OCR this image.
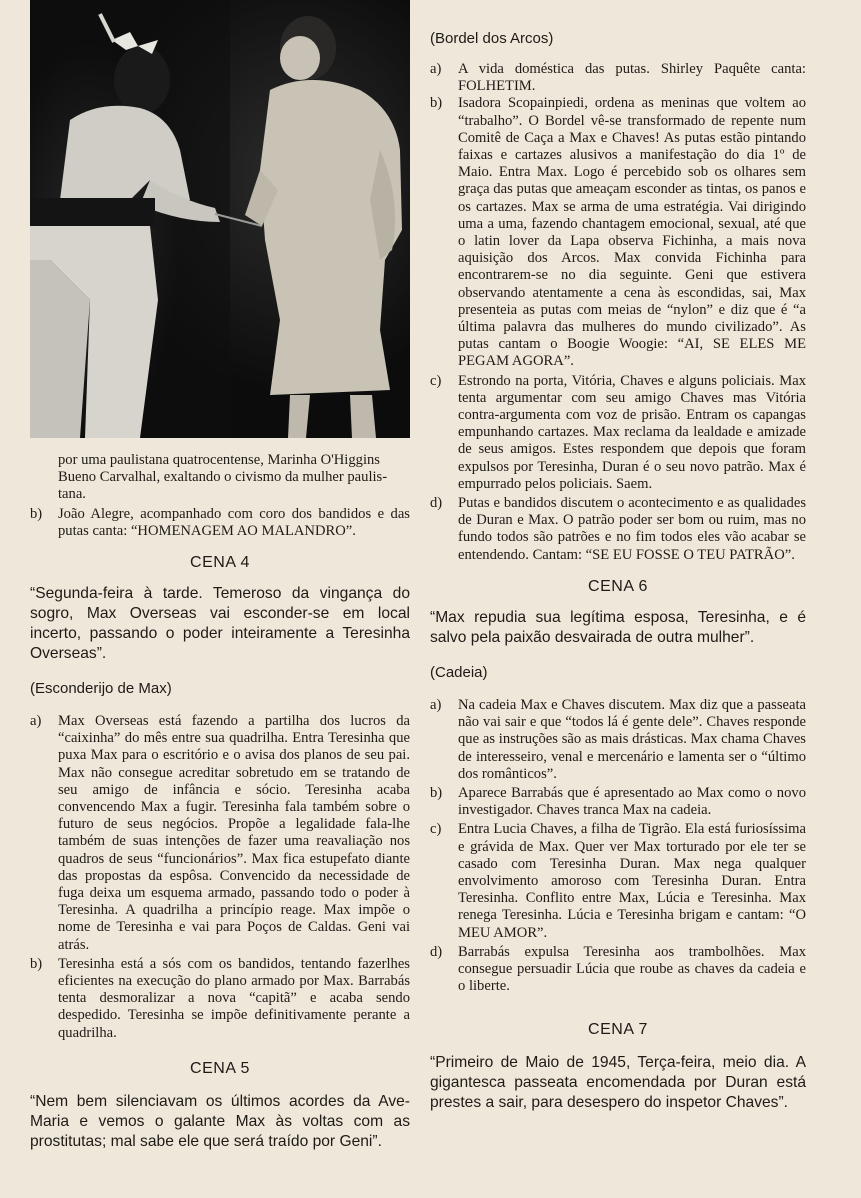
por uma paulistana quatrocentense, Marinha O'Higgins
Bueno Carvalhal, exaltando o civismo da mulher paulis-
tana.
b)	João Alegre, acompanhado com coro dos bandidos e das putas canta: “HOMENAGEM AO MALANDRO”.
CENA 4
“Segunda-feira à tarde. Temeroso da vingança do sogro, Max Overseas vai esconder-se em local incerto, passando o poder inteiramente a Teresinha Overseas”.
(Esconderijo de Max)
a)	Max Overseas está fazendo a partilha dos lucros da “caixinha” do mês entre sua quadrilha. Entra Teresinha que puxa Max para o escritório e o avisa dos planos de seu pai. Max não consegue acreditar sobretudo em se tratando de seu amigo de infância e sócio. Teresinha acaba convencendo Max a fugir. Teresinha fala também sobre o futuro de seus negócios. Propõe a legalidade fala-lhe também de suas intenções de fazer uma reavaliação nos quadros de seus “funcionários”. Max fica estupefato diante das propostas da espôsa. Convencido da necessidade de fuga deixa um esquema armado, passando todo o poder à Teresinha. A quadrilha a princípio reage. Max impõe o nome de Teresinha e vai para Poços de Caldas. Geni vai atrás.
b)	Teresinha está a sós com os bandidos, tentando fazerlhes eficientes na execução do plano armado por Max. Barrabás tenta desmoralizar a nova “capitã” e acaba sendo despedido. Teresinha se impõe definitivamente perante a quadrilha.
CENA 5
“Nem bem silenciavam os últimos acordes da Ave-Maria e vemos o galante Max às voltas com as prostitutas; mal sabe ele que será traído por Geni”.
(Bordel dos Arcos)
a)	A vida doméstica das putas. Shirley Paquête canta: FOLHETIM.
b)	Isadora Scopainpiedi, ordena as meninas que voltem ao “trabalho”. O Bordel vê-se transformado de repente num Comitê de Caça a Max e Chaves! As putas estão pintando faixas e cartazes alusivos a manifestação do dia 1º de Maio. Entra Max. Logo é percebido sob os olhares sem graça das putas que ameaçam esconder as tintas, os panos e os cartazes. Max se arma de uma estratégia. Vai dirigindo uma a uma, fazendo chantagem emocional, sexual, até que o latin lover da Lapa observa Fichinha, a mais nova aquisição dos Arcos. Max convida Fichinha para encontrarem-se no dia seguinte. Geni que estivera observando atentamente a cena às escondidas, sai, Max presenteia as putas com meias de “nylon” e diz que é “a última palavra das mulheres do mundo civilizado”. As putas cantam o Boogie Woogie: “AI, SE ELES ME PEGAM AGORA”.
c)	Estrondo na porta, Vitória, Chaves e alguns policiais. Max tenta argumentar com seu amigo Chaves mas Vitória contra-argumenta com voz de prisão. Entram os capangas empunhando cartazes. Max reclama da lealdade e amizade de seus amigos. Estes respondem que depois que foram expulsos por Teresinha, Duran é o seu novo patrão. Max é empurrado pelos policiais. Saem.
d)	Putas e bandidos discutem o acontecimento e as qualidades de Duran e Max. O patrão poder ser bom ou ruim, mas no fundo todos são patrões e no fim todos eles vão acabar se entendendo. Cantam: “SE EU FOSSE O TEU PATRÃO”.
CENA 6
“Max repudia sua legítima esposa, Teresinha, e é salvo pela paixão desvairada de outra mulher”.
(Cadeia)
a)	Na cadeia Max e Chaves discutem. Max diz que a passeata não vai sair e que “todos lá é gente dele”. Chaves responde que as instruções são as mais drásticas. Max chama Chaves de interesseiro, venal e mercenário e lamenta ser o “último dos românticos”.
b)	Aparece Barrabás que é apresentado ao Max como o novo investigador. Chaves tranca Max na cadeia.
c)	Entra Lucia Chaves, a filha de Tigrão. Ela está furiosíssima e grávida de Max. Quer ver Max torturado por ele ter se casado com Teresinha Duran. Max nega qualquer envolvimento amoroso com Teresinha Duran. Entra Teresinha. Conflito entre Max, Lúcia e Teresinha. Max renega Teresinha. Lúcia e Teresinha brigam e cantam: “O MEU AMOR”.
d)	Barrabás expulsa Teresinha aos trambolhões. Max consegue persuadir Lúcia que roube as chaves da cadeia e o liberte.
CENA 7
“Primeiro de Maio de 1945, Terça-feira, meio dia. A gigantesca passeata encomendada por Duran está prestes a sair, para desespero do inspetor Chaves”.
